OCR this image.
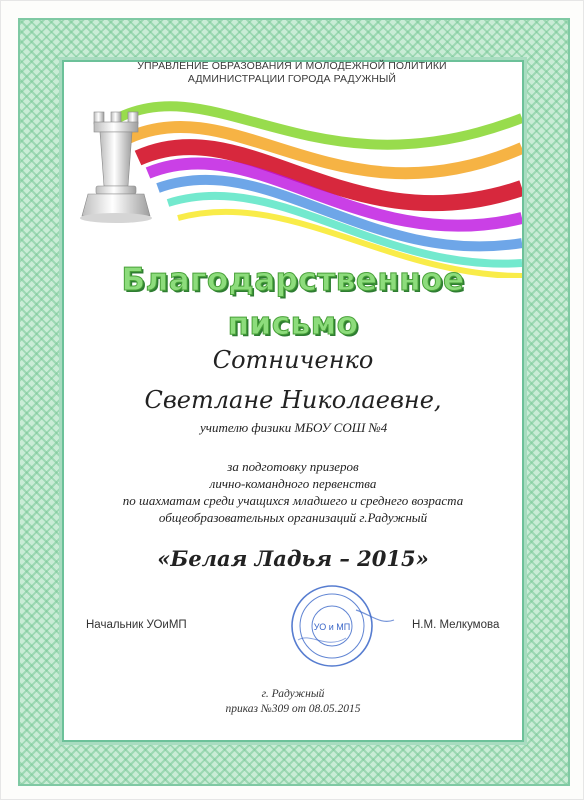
УПРАВЛЕНИЕ ОБРАЗОВАНИЯ И МОЛОДЕЖНОЙ ПОЛИТИКИ
АДМИНИСТРАЦИИ ГОРОДА РАДУЖНЫЙ
Благодарственное
письмо
Сотниченко
Светлане Николаевне,
учителю физики МБОУ СОШ №4
за подготовку призеров
лично-командного первенства
по шахматам среди учащихся младшего и среднего возраста
общеобразовательных организаций г.Радужный
«Белая Ладья – 2015»
Начальник УОиМП	Н.М. Мелкумова
УО и МП
г. Радужный
приказ №309 от 08.05.2015
